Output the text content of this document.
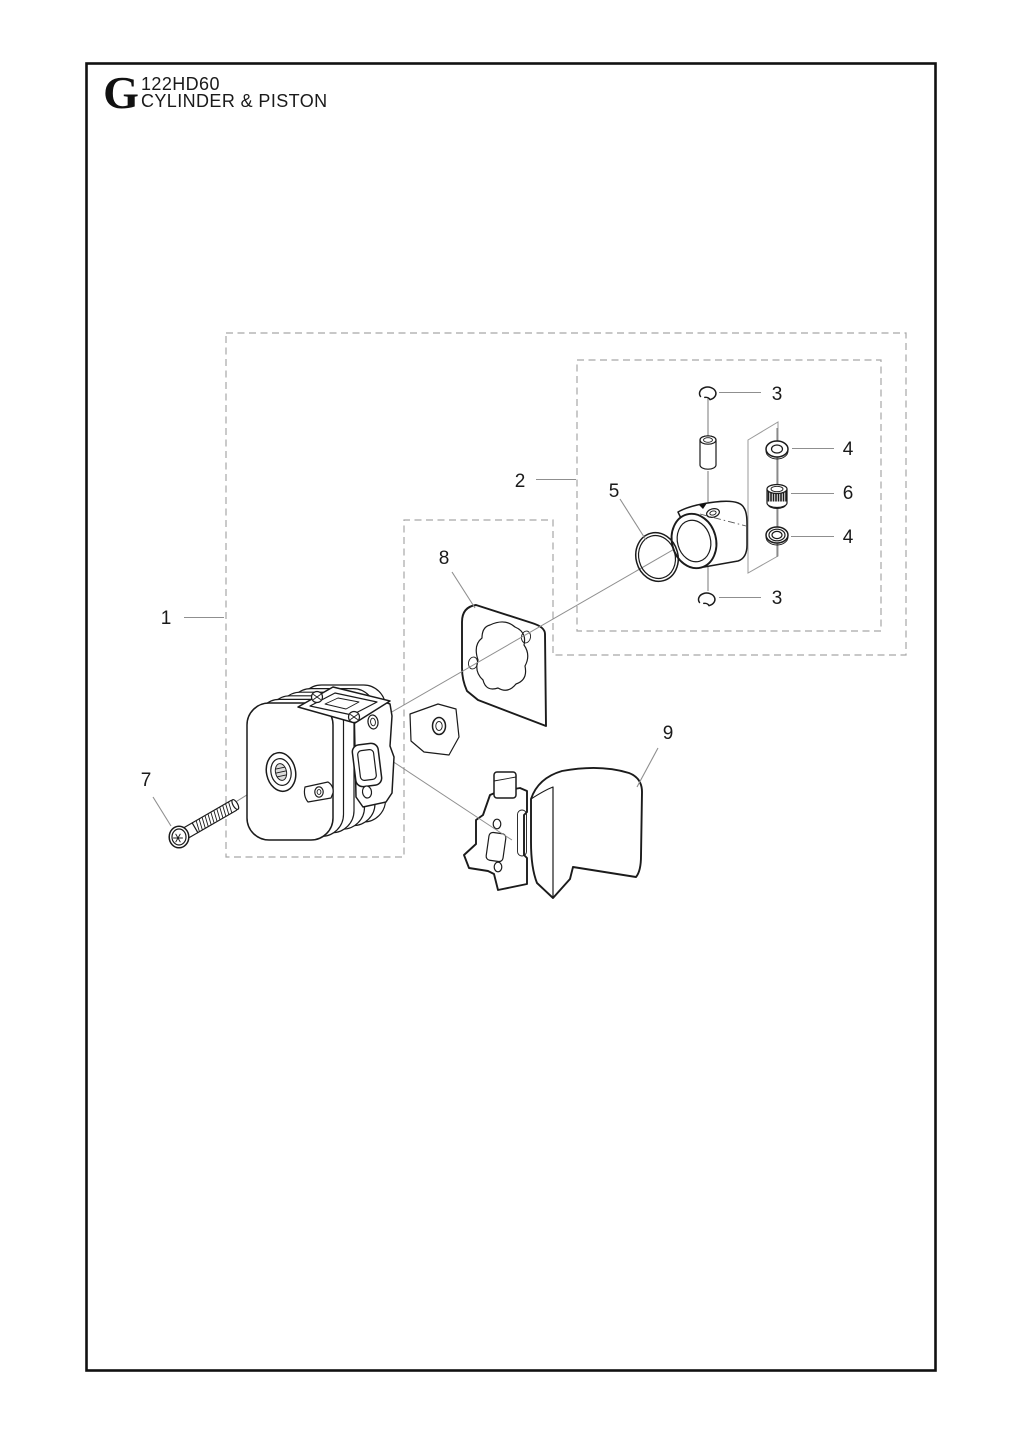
G 122HD60
CYLINDER & PISTON
1
2
3
4
6
4
3
5
7
8
9
